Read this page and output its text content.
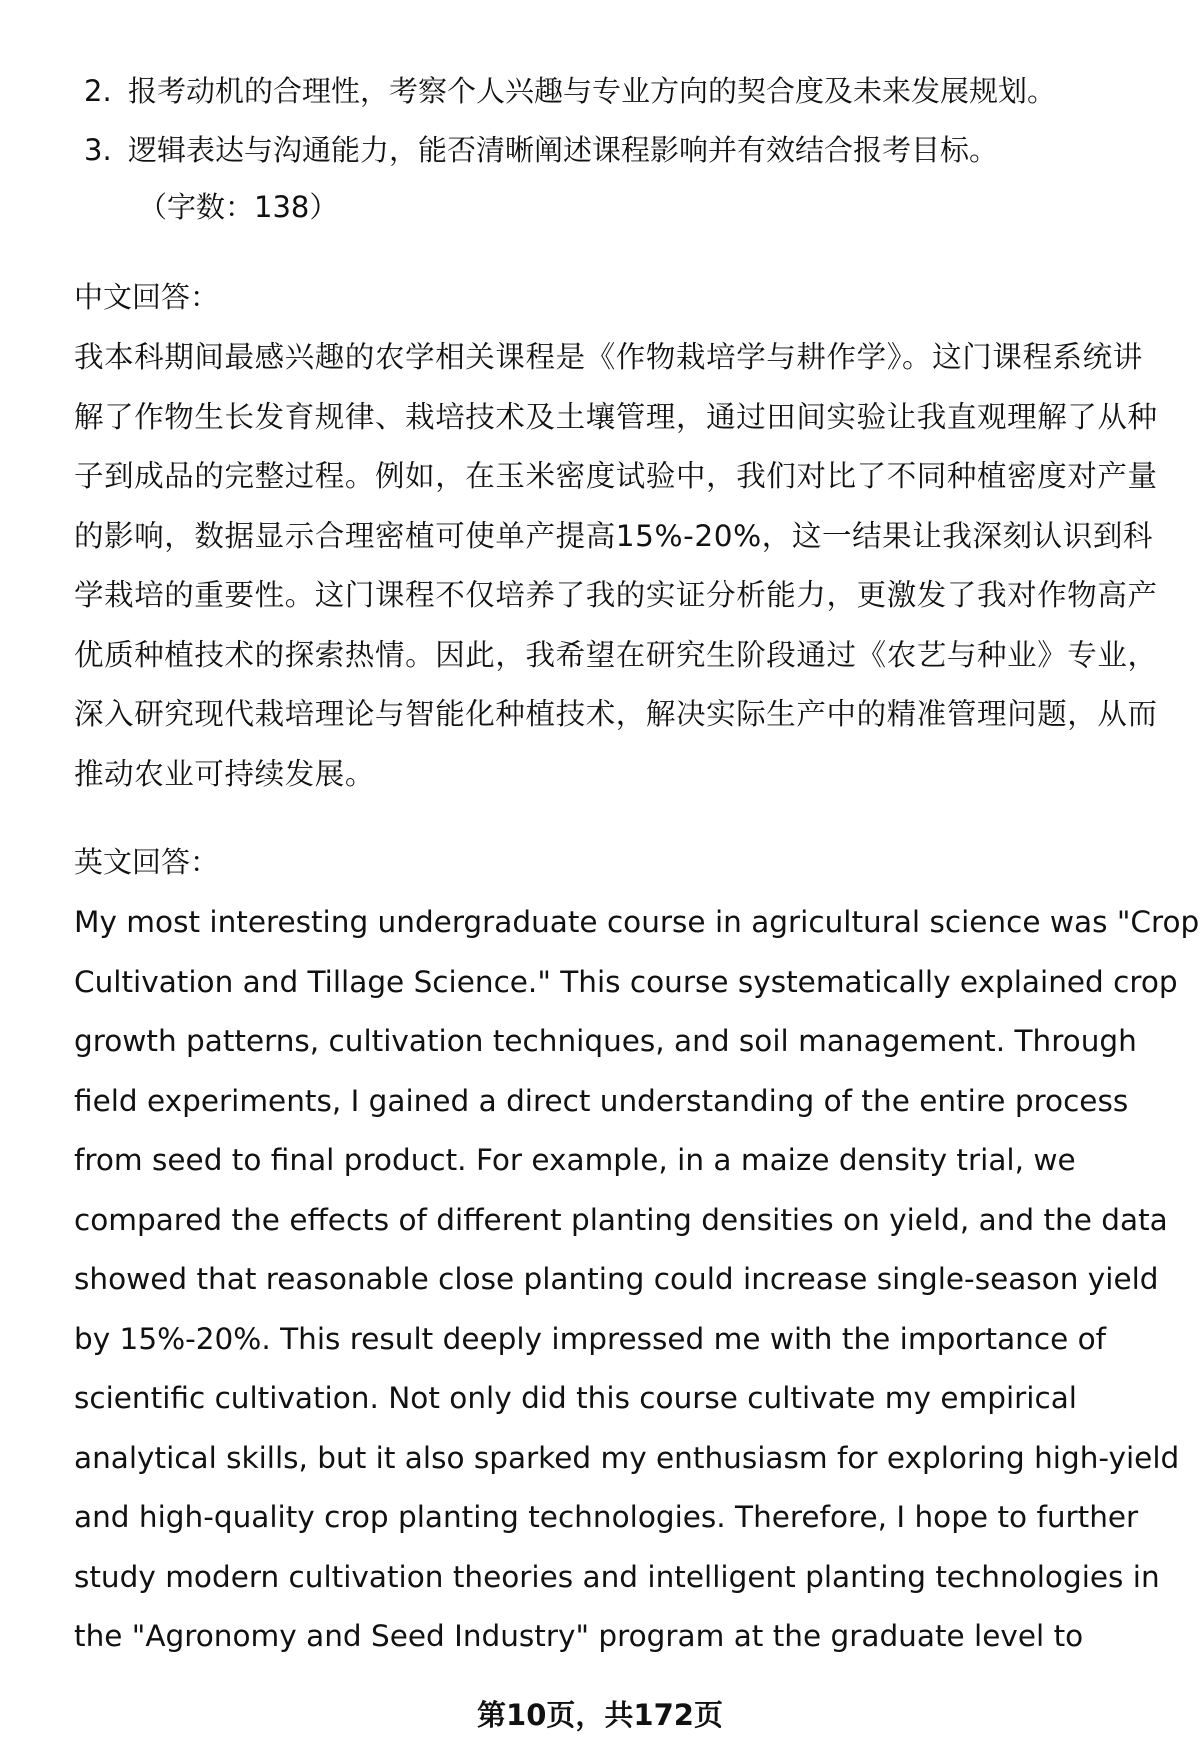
2. 报考动机的合理性，考察个人兴趣与专业方向的契合度及未来发展规划。
3. 逻辑表达与沟通能力，能否清晰阐述课程影响并有效结合报考目标。
（字数：138）
中文回答：
我本科期间最感兴趣的农学相关课程是《作物栽培学与耕作学》。这门课程系统讲
解了作物生长发育规律、栽培技术及土壤管理，通过田间实验让我直观理解了从种
子到成品的完整过程。例如，在玉米密度试验中，我们对比了不同种植密度对产量
的影响，数据显示合理密植可使单产提高15%-20%，这一结果让我深刻认识到科
学栽培的重要性。这门课程不仅培养了我的实证分析能力，更激发了我对作物高产
优质种植技术的探索热情。因此，我希望在研究生阶段通过《农艺与种业》专业，
深入研究现代栽培理论与智能化种植技术，解决实际生产中的精准管理问题，从而
推动农业可持续发展。
英文回答：
My most interesting undergraduate course in agricultural science was "Crop
Cultivation and Tillage Science." This course systematically explained crop
growth patterns, cultivation techniques, and soil management. Through
field experiments, I gained a direct understanding of the entire process
from seed to final product. For example, in a maize density trial, we
compared the effects of different planting densities on yield, and the data
showed that reasonable close planting could increase single-season yield
by 15%-20%. This result deeply impressed me with the importance of
scientific cultivation. Not only did this course cultivate my empirical
analytical skills, but it also sparked my enthusiasm for exploring high-yield
and high-quality crop planting technologies. Therefore, I hope to further
study modern cultivation theories and intelligent planting technologies in
the "Agronomy and Seed Industry" program at the graduate level to
第10页，共172页
